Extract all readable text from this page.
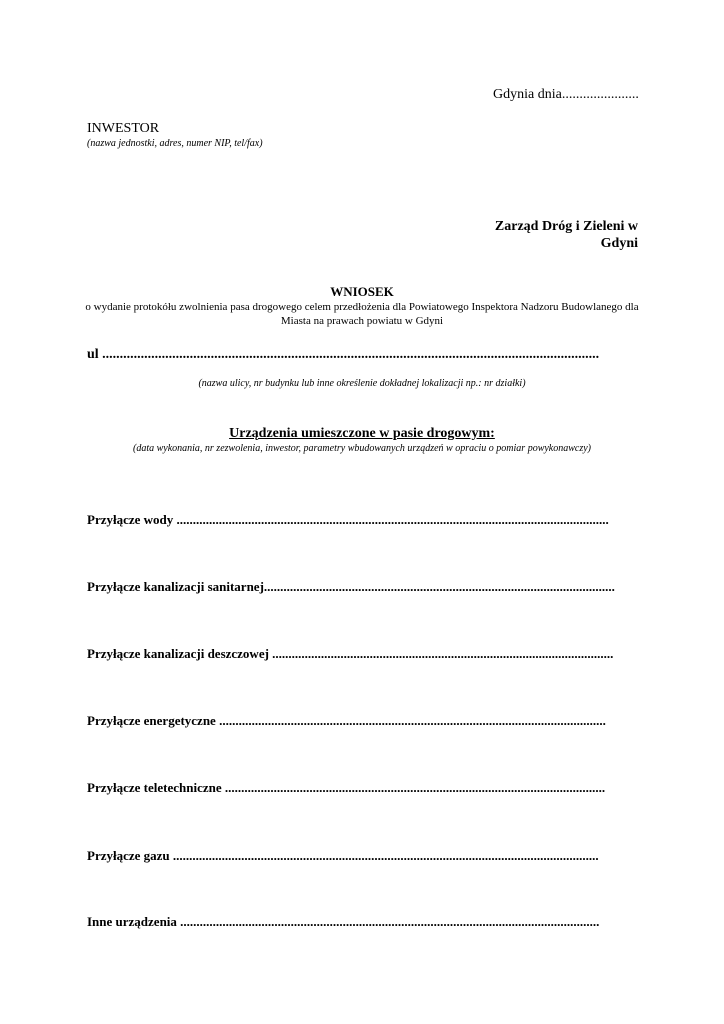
Gdynia dnia......................
INWESTOR
(nazwa jednostki, adres, numer NIP, tel/fax)
Zarząd Dróg i Zieleni w
Gdyni
WNIOSEK
o wydanie protokółu zwolnienia pasa drogowego celem przedłożenia dla Powiatowego Inspektora Nadzoru Budowlanego dla Miasta na prawach powiatu w Gdyni
ul ..............................................................................................................................................
(nazwa ulicy, nr budynku lub inne określenie dokładnej lokalizacji np.: nr działki)
Urządzenia umieszczone w pasie drogowym:
(data wykonania, nr zezwolenia, inwestor, parametry wbudowanych urządzeń w opraciu o pomiar powykonawczy)
Przyłącze wody .....................................................................................................................................
Przyłącze kanalizacji sanitarnej............................................................................................................
Przyłącze kanalizacji deszczowej .........................................................................................................
Przyłącze energetyczne .......................................................................................................................
Przyłącze teletechniczne .....................................................................................................................
Przyłącze gazu ...................................................................................................................................
Inne urządzenia .................................................................................................................................
